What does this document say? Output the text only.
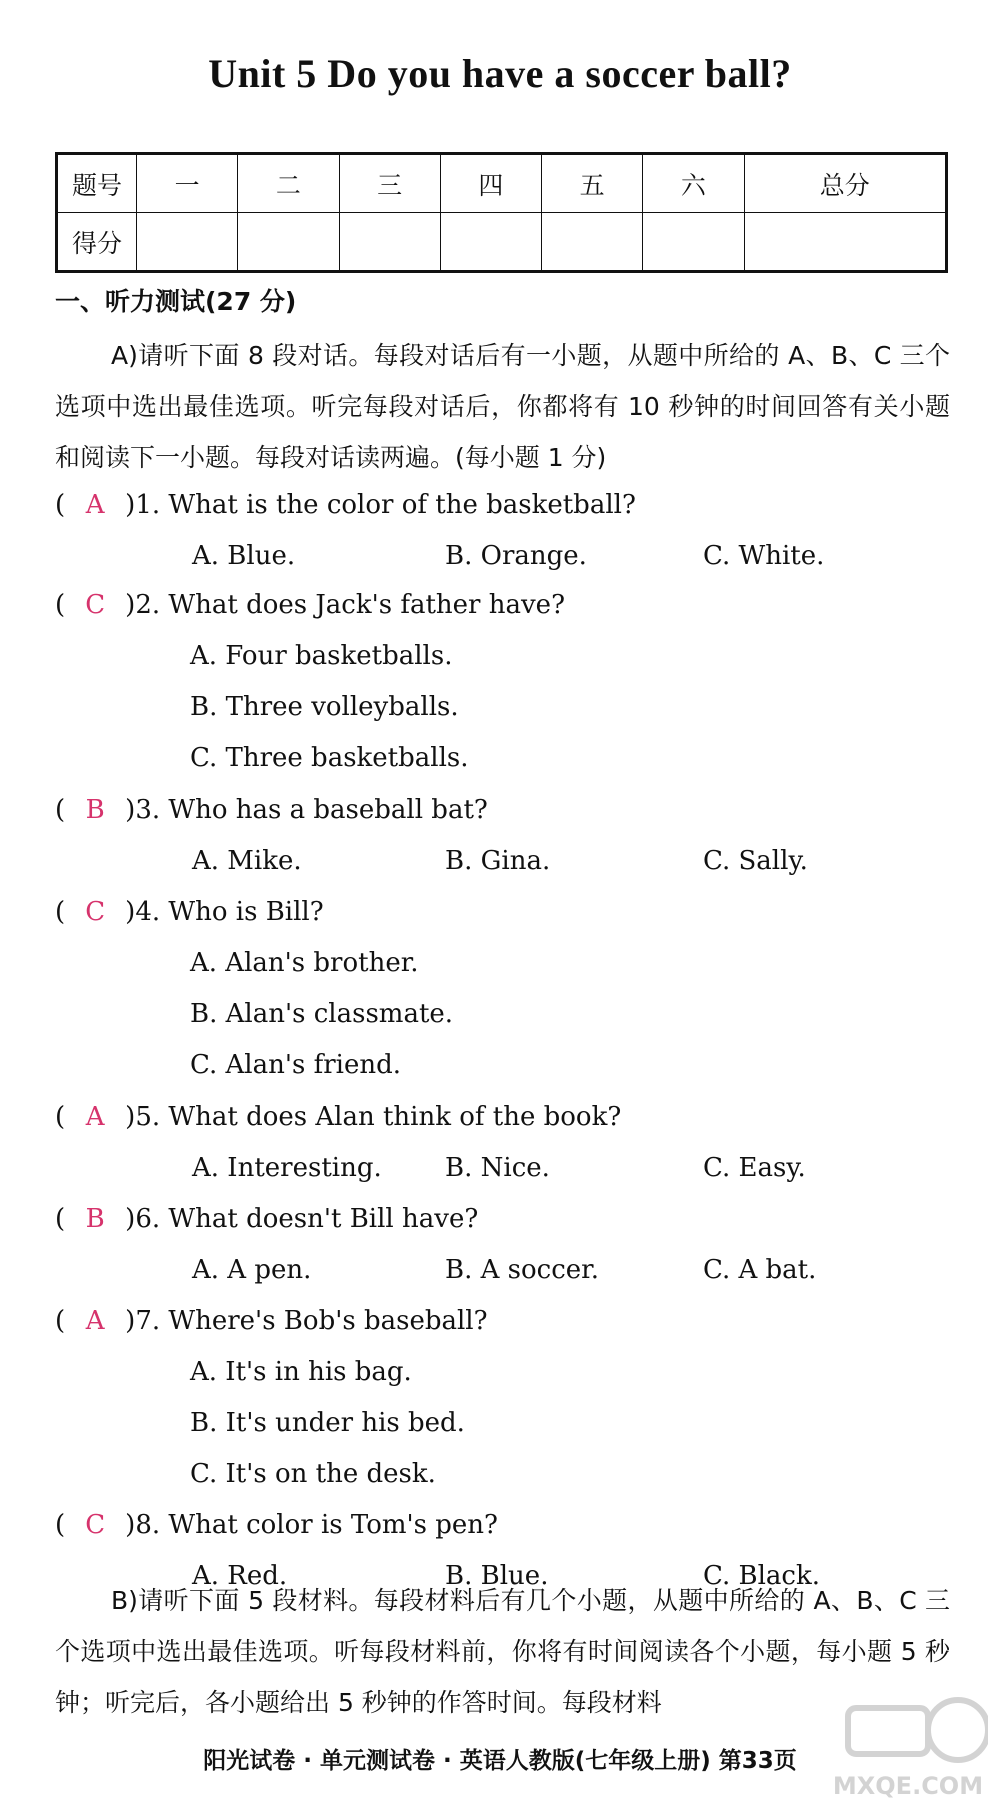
Unit 5 Do you have a soccer ball?
题号	一	二	三	四	五	六	总分
得分							
一、听力测试(27 分)
A)请听下面 8 段对话。每段对话后有一小题，从题中所给的 A、B、C 三个选项中选出最佳选项。听完每段对话后，你都将有 10 秒钟的时间回答有关小题和阅读下一小题。每段对话读两遍。(每小题 1 分)
( A )1. What is the color of the basketball?
A. Blue.	B. Orange.	C. White.
( C )2. What does Jack's father have?
A. Four basketballs.
B. Three volleyballs.
C. Three basketballs.
( B )3. Who has a baseball bat?
A. Mike.	B. Gina.	C. Sally.
( C )4. Who is Bill?
A. Alan's brother.
B. Alan's classmate.
C. Alan's friend.
( A )5. What does Alan think of the book?
A. Interesting. B. Nice.	C. Easy.
( B )6. What doesn't Bill have?
A. A pen.	B. A soccer.	C. A bat.
( A )7. Where's Bob's baseball?
A. It's in his bag.
B. It's under his bed.
C. It's on the desk.
( C )8. What color is Tom's pen?
A. Red.	B. Blue.	C. Black.
B)请听下面 5 段材料。每段材料后有几个小题，从题中所给的 A、B、C 三个选项中选出最佳选项。听每段材料前，你将有时间阅读各个小题，每小题 5 秒钟；听完后，各小题给出 5 秒钟的作答时间。每段材料
阳光试卷 · 单元测试卷 · 英语人教版(七年级上册) 第33页
MXQE.COM
